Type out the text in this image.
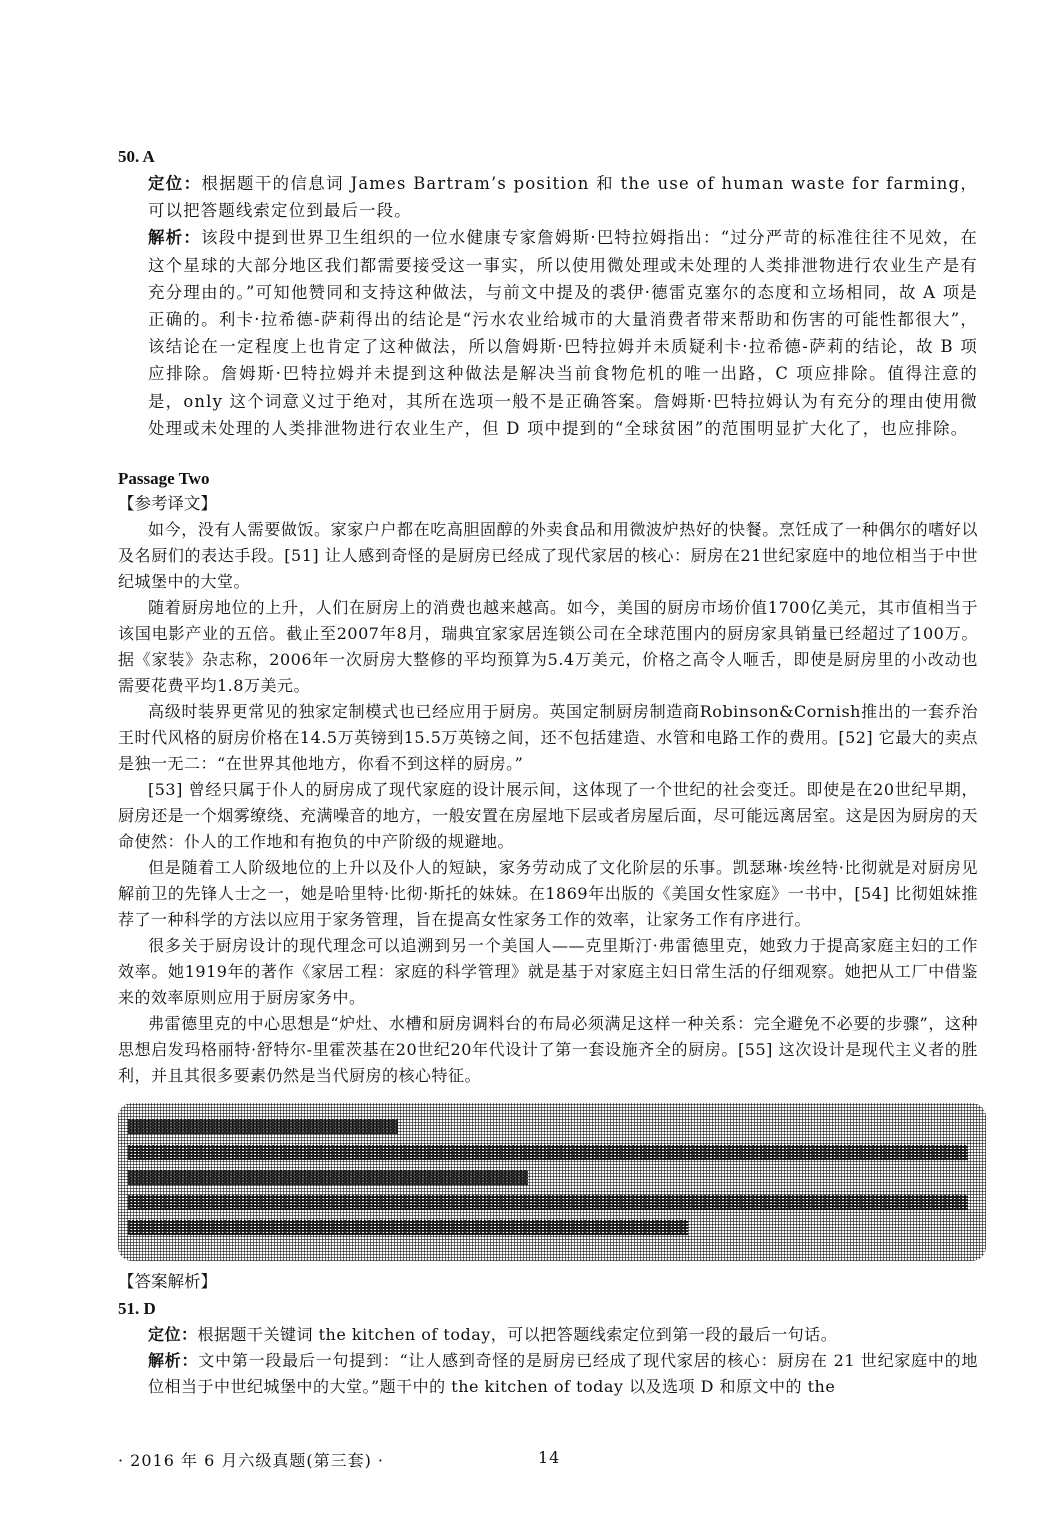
50. A

定位：根据题干的信息词 James Bartram’s position 和 the use of human waste for farming，可以把答题线索定位到最后一段。

解析：该段中提到世界卫生组织的一位水健康专家詹姆斯·巴特拉姆指出：“过分严苛的标准往往不见效，在这个星球的大部分地区我们都需要接受这一事实，所以使用微处理或未处理的人类排泄物进行农业生产是有充分理由的。”可知他赞同和支持这种做法，与前文中提及的裘伊·德雷克塞尔的态度和立场相同，故 A 项是正确的。利卡·拉希德-萨莉得出的结论是“污水农业给城市的大量消费者带来帮助和伤害的可能性都很大”，该结论在一定程度上也肯定了这种做法，所以詹姆斯·巴特拉姆并未质疑利卡·拉希德-萨莉的结论，故 B 项应排除。詹姆斯·巴特拉姆并未提到这种做法是解决当前食物危机的唯一出路，C 项应排除。值得注意的是，only 这个词意义过于绝对，其所在选项一般不是正确答案。詹姆斯·巴特拉姆认为有充分的理由使用微处理或未处理的人类排泄物进行农业生产，但 D 项中提到的“全球贫困”的范围明显扩大化了，也应排除。

Passage Two
【参考译文】

如今，没有人需要做饭。家家户户都在吃高胆固醇的外卖食品和用微波炉热好的快餐。烹饪成了一种偶尔的嗜好以及名厨们的表达手段。[51] 让人感到奇怪的是厨房已经成了现代家居的核心：厨房在21世纪家庭中的地位相当于中世纪城堡中的大堂。

随着厨房地位的上升，人们在厨房上的消费也越来越高。如今，美国的厨房市场价值1700亿美元，其市值相当于该国电影产业的五倍。截止至2007年8月，瑞典宜家家居连锁公司在全球范围内的厨房家具销量已经超过了100万。据《家装》杂志称，2006年一次厨房大整修的平均预算为5.4万美元，价格之高令人咂舌，即使是厨房里的小改动也需要花费平均1.8万美元。

高级时装界更常见的独家定制模式也已经应用于厨房。英国定制厨房制造商Robinson&Cornish推出的一套乔治王时代风格的厨房价格在14.5万英镑到15.5万英镑之间，还不包括建造、水管和电路工作的费用。[52] 它最大的卖点是独一无二：“在世界其他地方，你看不到这样的厨房。”

[53] 曾经只属于仆人的厨房成了现代家庭的设计展示间，这体现了一个世纪的社会变迁。即使是在20世纪早期，厨房还是一个烟雾缭绕、充满噪音的地方，一般安置在房屋地下层或者房屋后面，尽可能远离居室。这是因为厨房的天命使然：仆人的工作地和有抱负的中产阶级的规避地。

但是随着工人阶级地位的上升以及仆人的短缺，家务劳动成了文化阶层的乐事。凯瑟琳·埃丝特·比彻就是对厨房见解前卫的先锋人士之一，她是哈里特·比彻·斯托的妹妹。在1869年出版的《美国女性家庭》一书中，[54] 比彻姐妹推荐了一种科学的方法以应用于家务管理，旨在提高女性家务工作的效率，让家务工作有序进行。

很多关于厨房设计的现代理念可以追溯到另一个美国人——克里斯汀·弗雷德里克，她致力于提高家庭主妇的工作效率。她1919年的著作《家居工程：家庭的科学管理》就是基于对家庭主妇日常生活的仔细观察。她把从工厂中借鉴来的效率原则应用于厨房家务中。

弗雷德里克的中心思想是“炉灶、水槽和厨房调料台的布局必须满足这样一种关系：完全避免不必要的步骤”，这种思想启发玛格丽特·舒特尔-里霍茨基在20世纪20年代设计了第一套设施齐全的厨房。[55] 这次设计是现代主义者的胜利，并且其很多要素仍然是当代厨房的核心特征。

【答案解析】
51. D

定位：根据题干关键词 the kitchen of today，可以把答题线索定位到第一段的最后一句话。

解析：文中第一段最后一句提到：“让人感到奇怪的是厨房已经成了现代家居的核心：厨房在 21 世纪家庭中的地位相当于中世纪城堡中的大堂。”题干中的 the kitchen of today 以及选项 D 和原文中的 the

· 2016 年 6 月六级真题(第三套) ·	14
